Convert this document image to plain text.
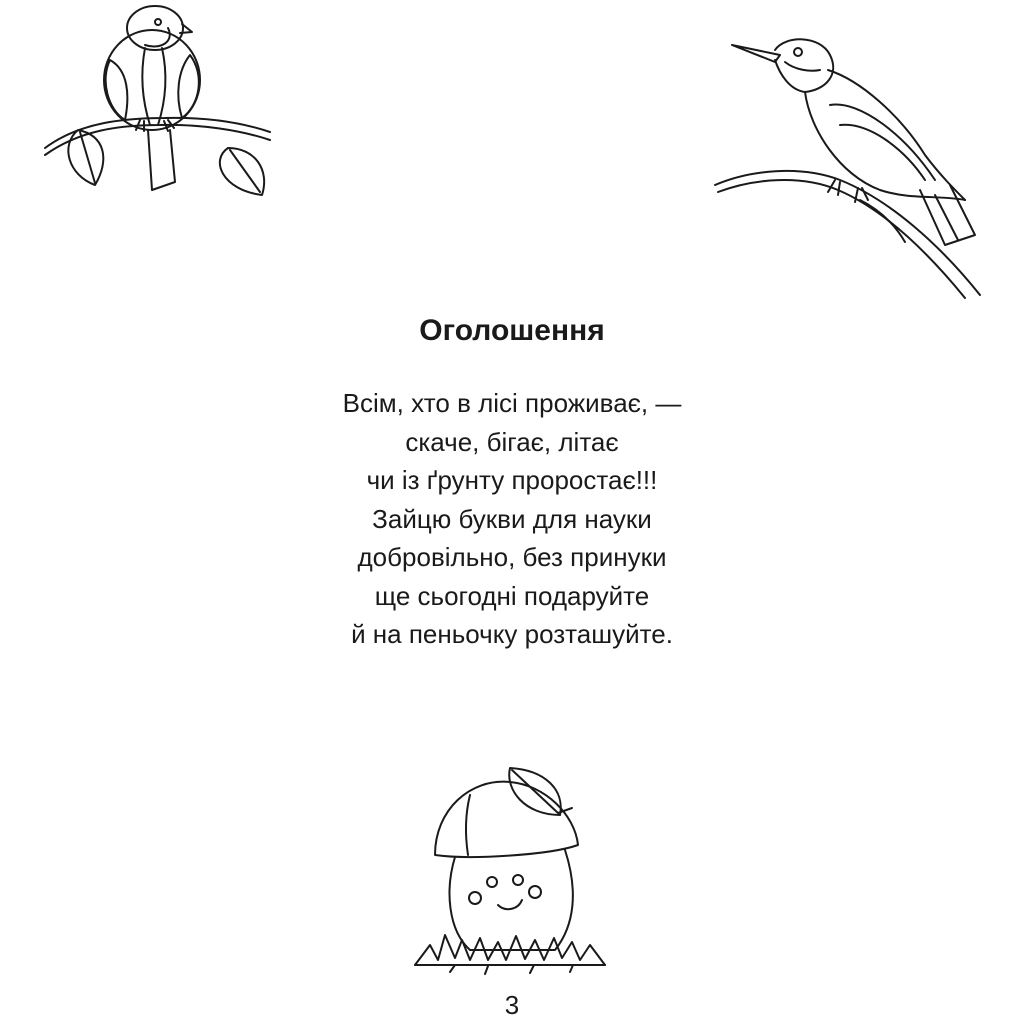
Оголошення
Всім, хто в лісі проживає, —
скаче, бігає, літає
чи із ґрунту проростає!!!
Зайцю букви для науки
добровільно, без принуки
ще сьогодні подаруйте
й на пеньочку розташуйте.
3
